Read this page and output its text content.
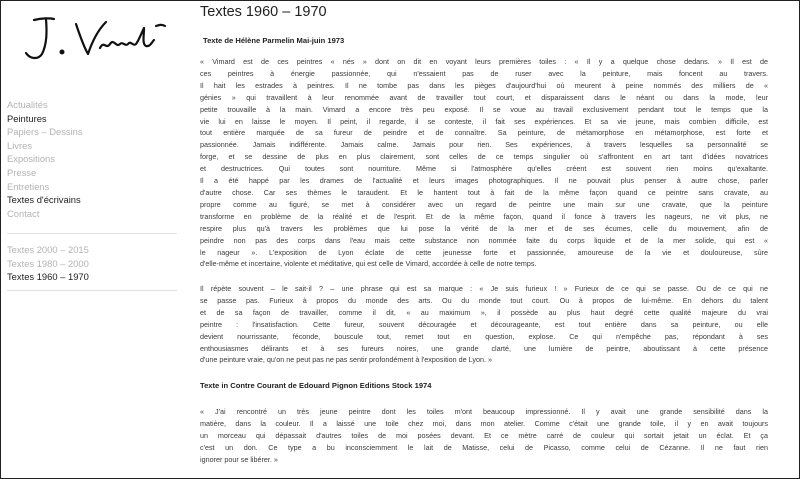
Actualités
Peintures
Papiers – Dessins
Livres
Expositions
Presse
Entretiens
Textes d'écrivains
Contact
Textes 2000 – 2015
Textes 1980 – 2000
Textes 1960 – 1970
Textes 1960 – 1970
Texte de Hélène Parmelin Mai-juin 1973
« Vimard est de ces peintres « nés » dont on dit en voyant leurs premières toiles : « Il y a quelque chose dedans. » Il est de
ces peintres à énergie passionnée, qui n'essaient pas de ruser avec la peinture, mais foncent au travers.
Il hait les estrades à peintres. Il ne tombe pas dans les pièges d'aujourd'hui où meurent à peine nommés des milliers de «
génies » qui travaillent à leur renommée avant de travailler tout court, et disparaissent dans le néant ou dans la mode, leur
petite trouvaille à la main. Vimard a encore très peu exposé. Il se voue au travail exclusivement pendant tout le temps que la
vie lui en laisse le moyen. Il peint, il regarde, il se conteste, il fait ses expériences. Et sa vie jeune, mais combien difficile, est
tout entière marquée de sa fureur de peindre et de connaître. Sa peinture, de métamorphose en métamorphose, est forte et
passionnée. Jamais indifférente. Jamais calme. Jamais pour rien. Ses expériences, à travers lesquelles sa personnalité se
forge, et se dessine de plus en plus clairement, sont celles de ce temps singulier où s'affrontent en art tant d'idées novatrices
et destructrices. Qui toutes sont nourriture. Même si l'atmosphère qu'elles créent est souvent rien moins qu'exaltante.
Il a été happé par les drames de l'actualité et leurs images photographiques. Il ne pouvait plus penser à autre chose, parler
d'autre chose. Car ses thèmes le taraudent. Et le hantent tout à fait de la même façon quand ce peintre sans cravate, au
propre comme au figuré, se met à considérer avec un regard de peintre une main sur une cravate, que la peinture
transforme en problème de la réalité et de l'esprit. Et de la même façon, quand il fonce à travers les nageurs, ne vit plus, ne
respire plus qu'à travers les problèmes que lui pose la vérité de la mer et de ses écumes, celle du mouvement, afin de
peindre non pas des corps dans l'eau mais cette substance non nommée faite du corps liquide et de la mer solide, qui est «
le nageur ». L'exposition de Lyon éclate de cette jeunesse forte et passionnée, amoureuse de la vie et douloureuse, sûre
d'elle-même et incertaine, violente et méditative, qui est celle de Vimard, accordée à celle de notre temps.
Il répète souvent – le sait-il ? – une phrase qui est sa marque : « Je suis furieux ! » Furieux de ce qui se passe. Ou de ce qui ne
se passe pas. Furieux à propos du monde des arts. Ou du monde tout court. Ou à propos de lui-même. En dehors du talent
et de sa façon de travailler, comme il dit, « au maximum », il possède au plus haut degré cette qualité majeure du vrai
peintre : l'insatisfaction. Cette fureur, souvent découragée et décourageante, est tout entière dans sa peinture, ou elle
devient nourrissante, féconde, bouscule tout, remet tout en question, explose. Ce qui n'empêche pas, répondant à ses
enthousiasmes délirants et à ses fureurs noires, une grande clarté, une lumière de peintre, aboutissant à cette présence
d'une peinture vraie, qu'on ne peut pas ne pas sentir profondément à l'exposition de Lyon. »
Texte in Contre Courant de Edouard Pignon Editions Stock 1974
« J'ai rencontré un très jeune peintre dont les toiles m'ont beaucoup impressionné. Il y avait une grande sensibilité dans la
matière, dans la couleur. Il a laissé une toile chez moi, dans mon atelier. Comme c'était une grande toile, il y en avait toujours
un morceau qui dépassait d'autres toiles de moi posées devant. Et ce mètre carré de couleur qui sortait jetait un éclat. Et ça
c'est un don. Ce type a bu inconsciemment le lait de Matisse, celui de Picasso, comme celui de Cézanne. Il ne faut rien
ignorer pour se libérer. »
